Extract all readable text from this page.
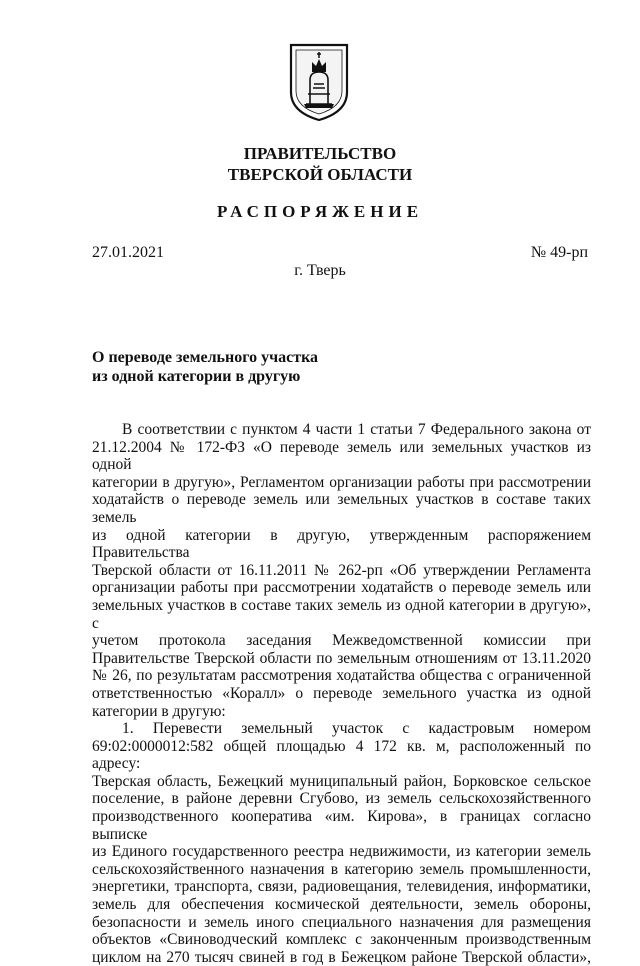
ПРАВИТЕЛЬСТВО
ТВЕРСКОЙ ОБЛАСТИ
РАСПОРЯЖЕНИЕ
27.01.2021	№ 49-рп
г. Тверь
О переводе земельного участка
из одной категории в другую
В соответствии с пунктом 4 части 1 статьи 7 Федерального закона от
21.12.2004 № 172-ФЗ «О переводе земель или земельных участков из одной
категории в другую», Регламентом организации работы при рассмотрении
ходатайств о переводе земель или земельных участков в составе таких земель
из одной категории в другую, утвержденным распоряжением Правительства
Тверской области от 16.11.2011 № 262-рп «Об утверждении Регламента
организации работы при рассмотрении ходатайств о переводе земель или
земельных участков в составе таких земель из одной категории в другую», с
учетом протокола заседания Межведомственной комиссии при
Правительстве Тверской области по земельным отношениям от 13.11.2020
№ 26, по результатам рассмотрения ходатайства общества с ограниченной
ответственностью «Коралл» о переводе земельного участка из одной
категории в другую:
1. Перевести земельный участок с кадастровым номером
69:02:0000012:582 общей площадью 4 172 кв. м, расположенный по адресу:
Тверская область, Бежецкий муниципальный район, Борковское сельское
поселение, в районе деревни Сгубово, из земель сельскохозяйственного
производственного кооператива «им. Кирова», в границах согласно выписке
из Единого государственного реестра недвижимости, из категории земель
сельскохозяйственного назначения в категорию земель промышленности,
энергетики, транспорта, связи, радиовещания, телевидения, информатики,
земель для обеспечения космической деятельности, земель обороны,
безопасности и земель иного специального назначения для размещения
объектов «Свиноводческий комплекс с законченным производственным
циклом на 270 тысяч свиней в год в Бежецком районе Тверской области»,
